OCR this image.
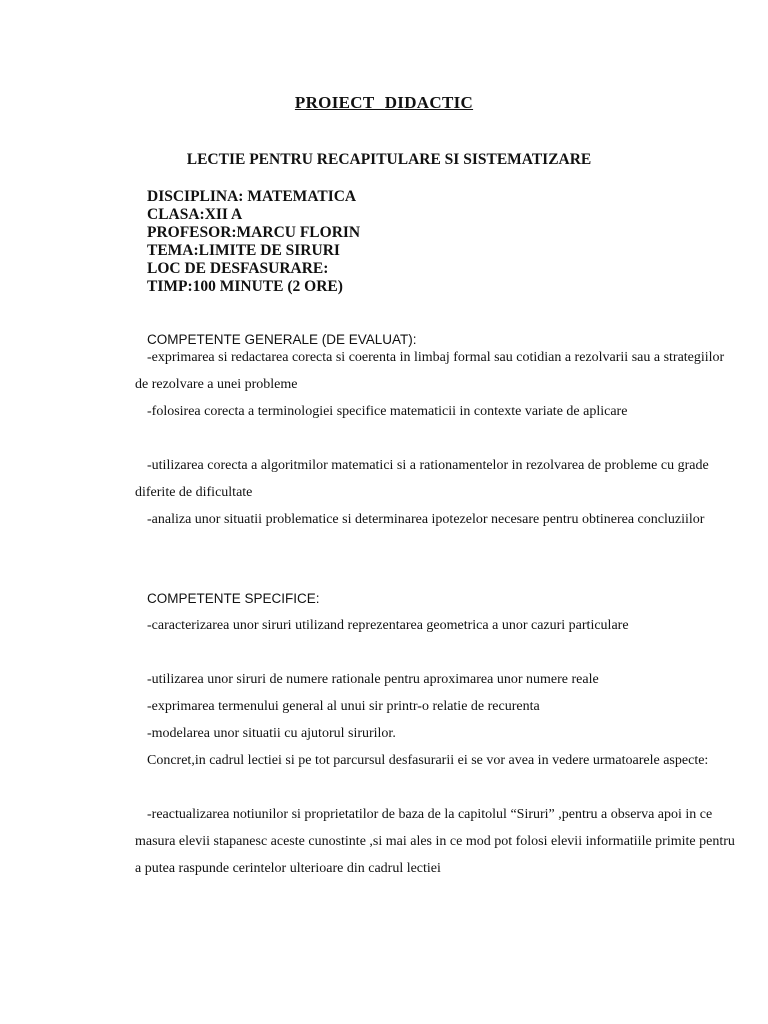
PROIECT DIDACTIC
LECTIE PENTRU RECAPITULARE SI SISTEMATIZARE
DISCIPLINA: MATEMATICA
CLASA:XII A
PROFESOR:MARCU FLORIN
TEMA:LIMITE DE SIRURI
LOC DE DESFASURARE:
TIMP:100 MINUTE (2 ORE)
COMPETENTE GENERALE (DE EVALUAT):
-exprimarea si redactarea corecta si coerenta in limbaj formal sau cotidian a rezolvarii sau a strategiilor de rezolvare a unei probleme
-folosirea corecta a terminologiei specifice matematicii in contexte variate de aplicare
-utilizarea corecta a algoritmilor matematici si a rationamentelor in rezolvarea de probleme cu grade diferite de dificultate
-analiza unor situatii problematice si determinarea ipotezelor necesare pentru obtinerea concluziilor
COMPETENTE SPECIFICE:
-caracterizarea unor siruri utilizand reprezentarea geometrica a unor cazuri particulare
-utilizarea unor siruri de numere rationale pentru aproximarea unor numere reale
-exprimarea termenului general al unui sir printr-o relatie de recurenta
-modelarea unor situatii cu ajutorul sirurilor.
Concret,in cadrul lectiei si pe tot parcursul desfasurarii ei se vor avea in vedere urmatoarele aspecte:
-reactualizarea notiunilor si proprietatilor de baza de la capitolul “Siruri” ,pentru a observa apoi in ce masura elevii stapanesc aceste cunostinte ,si mai ales in ce mod pot folosi elevii informatiile primite pentru a putea raspunde cerintelor ulterioare din cadrul lectiei
